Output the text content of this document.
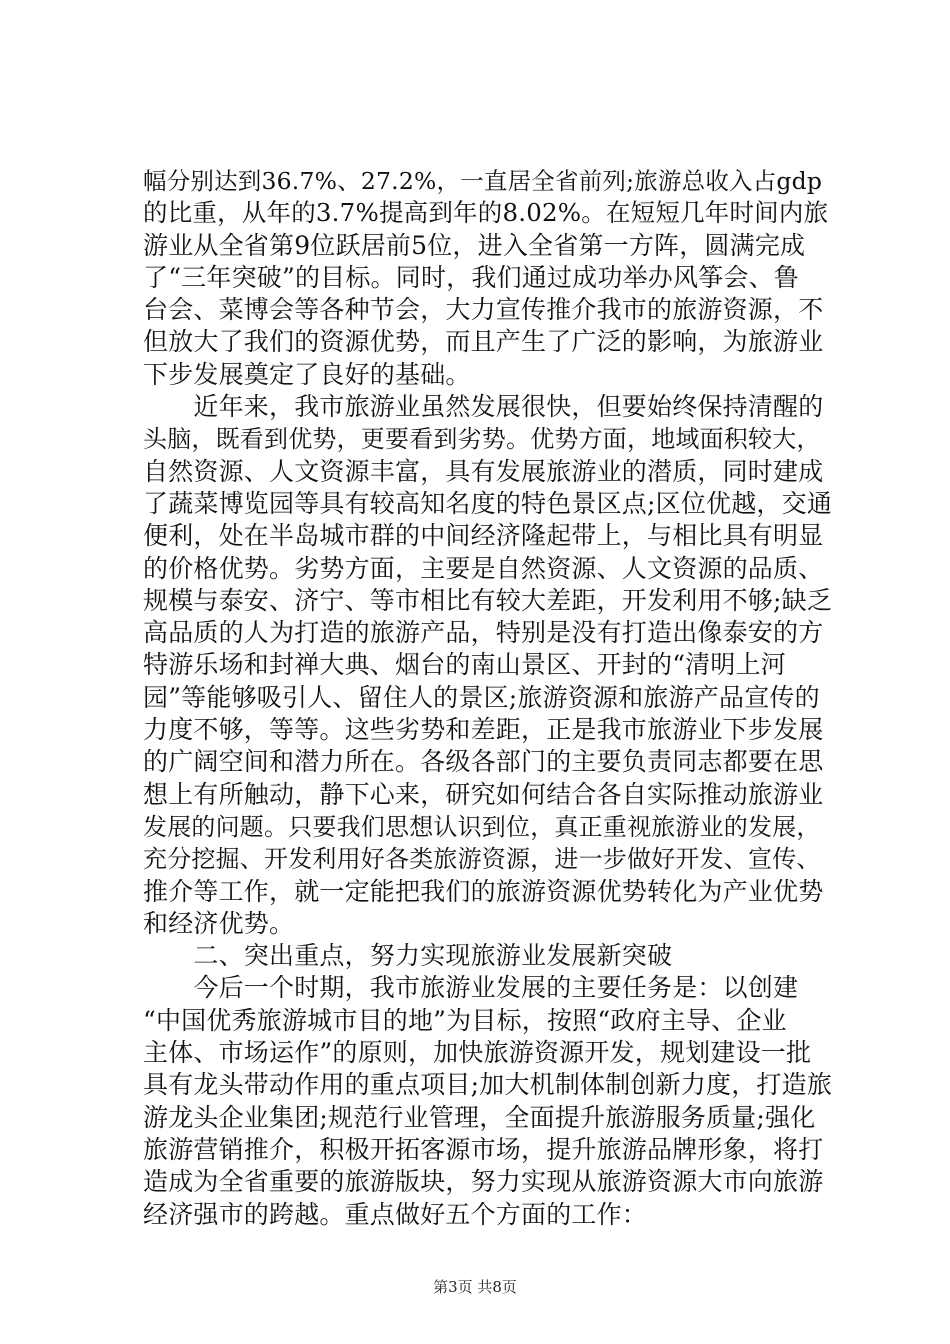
幅分别达到36.7%、27.2%，一直居全省前列;旅游总收入占gdp
的比重，从年的3.7%提高到年的8.02%。在短短几年时间内旅
游业从全省第9位跃居前5位，进入全省第一方阵，圆满完成
了“三年突破”的目标。同时，我们通过成功举办风筝会、鲁
台会、菜博会等各种节会，大力宣传推介我市的旅游资源，不
但放大了我们的资源优势，而且产生了广泛的影响，为旅游业
下步发展奠定了良好的基础。
　　近年来，我市旅游业虽然发展很快，但要始终保持清醒的
头脑，既看到优势，更要看到劣势。优势方面，地域面积较大，
自然资源、人文资源丰富，具有发展旅游业的潜质，同时建成
了蔬菜博览园等具有较高知名度的特色景区点;区位优越，交通
便利，处在半岛城市群的中间经济隆起带上，与相比具有明显
的价格优势。劣势方面，主要是自然资源、人文资源的品质、
规模与泰安、济宁、等市相比有较大差距，开发利用不够;缺乏
高品质的人为打造的旅游产品，特别是没有打造出像泰安的方
特游乐场和封禅大典、烟台的南山景区、开封的“清明上河
园”等能够吸引人、留住人的景区;旅游资源和旅游产品宣传的
力度不够，等等。这些劣势和差距，正是我市旅游业下步发展
的广阔空间和潜力所在。各级各部门的主要负责同志都要在思
想上有所触动，静下心来，研究如何结合各自实际推动旅游业
发展的问题。只要我们思想认识到位，真正重视旅游业的发展，
充分挖掘、开发利用好各类旅游资源，进一步做好开发、宣传、
推介等工作，就一定能把我们的旅游资源优势转化为产业优势
和经济优势。
　　二、突出重点，努力实现旅游业发展新突破
　　今后一个时期，我市旅游业发展的主要任务是：以创建
“中国优秀旅游城市目的地”为目标，按照“政府主导、企业
主体、市场运作”的原则，加快旅游资源开发，规划建设一批
具有龙头带动作用的重点项目;加大机制体制创新力度，打造旅
游龙头企业集团;规范行业管理，全面提升旅游服务质量;强化
旅游营销推介，积极开拓客源市场，提升旅游品牌形象，将打
造成为全省重要的旅游版块，努力实现从旅游资源大市向旅游
经济强市的跨越。重点做好五个方面的工作：
第3页 共8页
